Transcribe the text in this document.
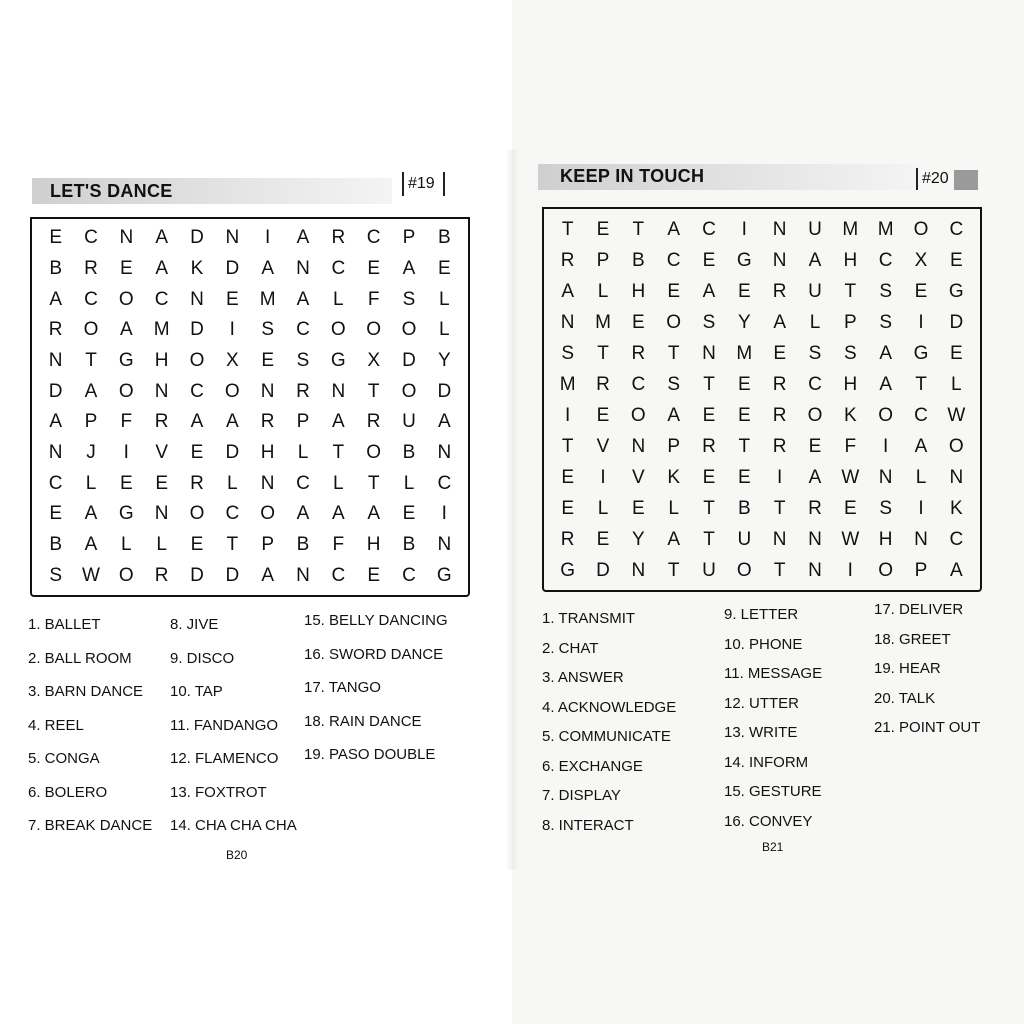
LET'S DANCE	#19
E	C	N	A	D	N	I	A	R	C	P	B
B	R	E	A	K	D	A	N	C	E	A	E
A	C	O	C	N	E	M	A	L	F	S	L
R	O	A	M	D	I	S	C	O	O	O	L
N	T	G	H	O	X	E	S	G	X	D	Y
D	A	O	N	C	O	N	R	N	T	O	D
A	P	F	R	A	A	R	P	A	R	U	A
N	J	I	V	E	D	H	L	T	O	B	N
C	L	E	E	R	L	N	C	L	T	L	C
E	A	G	N	O	C	O	A	A	A	E	I
B	A	L	L	E	T	P	B	F	H	B	N
S	W O	R	D	D	A	N	C	E	C	G
1. BALLET
2. BALL ROOM
3. BARN DANCE
4. REEL
5. CONGA
6. BOLERO
7. BREAK DANCE
8. JIVE
9. DISCO
10. TAP
11. FANDANGO
12. FLAMENCO
13. FOXTROT
14. CHA CHA CHA
15. BELLY DANCING
16. SWORD DANCE
17. TANGO
18. RAIN DANCE
19. PASO DOUBLE
B20
KEEP IN TOUCH	#20
T	E	T	A	C	I	N	U	M	M	O	C
R	P	B	C	E	G	N	A	H	C	X	E
A	L	H	E	A	E	R	U	T	S	E	G
N	M	E	O	S	Y	A	L	P	S	I	D
S	T	R	T	N	M	E	S	S	A	G	E
M	R	C	S	T	E	R	C	H	A	T	L
I	E	O	A	E	E	R	O	K	O	C	W
T	V	N	P	R	T	R	E	F	I	A	O
E	I	V	K	E	E	I	A	W	N	L	N
E	L	E	L	T	B	T	R	E	S	I	K
R	E	Y	A	T	U	N	N	W	H	N	C
G	D	N	T	U	O	T	N	I	O	P	A
1. TRANSMIT
2. CHAT
3. ANSWER
4. ACKNOWLEDGE
5. COMMUNICATE
6. EXCHANGE
7. DISPLAY
8. INTERACT
9. LETTER
10. PHONE
11. MESSAGE
12. UTTER
13. WRITE
14. INFORM
15. GESTURE
16. CONVEY
17. DELIVER
18. GREET
19. HEAR
20. TALK
21. POINT OUT
B21
